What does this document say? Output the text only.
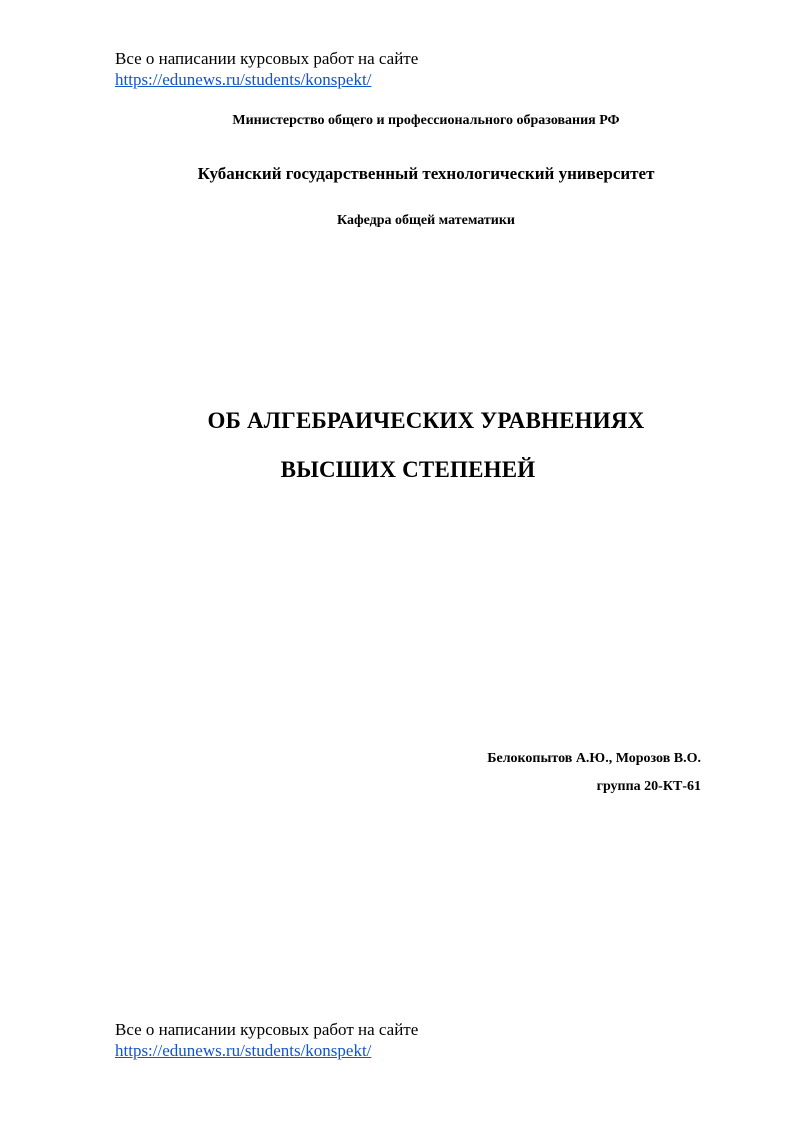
Все о написании курсовых работ на сайте
https://edunews.ru/students/konspekt/
Министерство общего и профессионального образования РФ
Кубанский государственный технологический университет
Кафедра общей математики
ОБ АЛГЕБРАИЧЕСКИХ УРАВНЕНИЯХ
ВЫСШИХ СТЕПЕНЕЙ
Белокопытов А.Ю., Морозов В.О.
группа 20-КТ-61
Все о написании курсовых работ на сайте
https://edunews.ru/students/konspekt/
